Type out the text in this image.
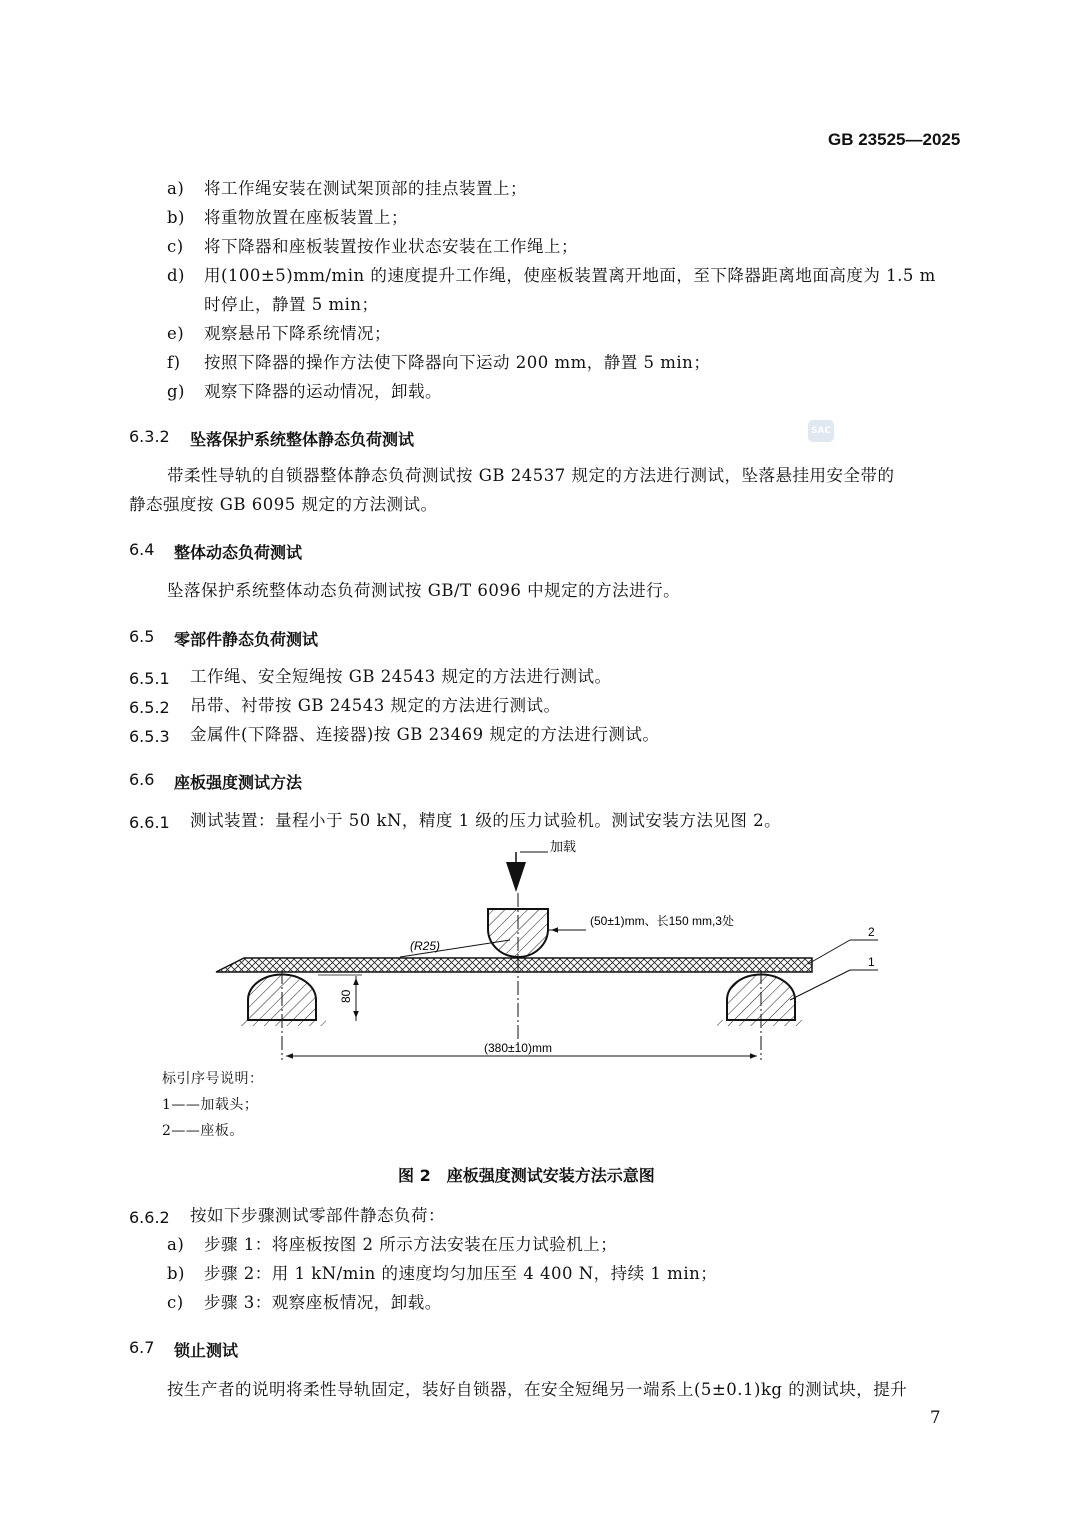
GB 23525—2025
a) 将工作绳安装在测试架顶部的挂点装置上；
b) 将重物放置在座板装置上；
c) 将下降器和座板装置按作业状态安装在工作绳上；
d) 用(100±5)mm/min 的速度提升工作绳，使座板装置离开地面，至下降器距离地面高度为 1.5 m
时停止，静置 5 min；
e) 观察悬吊下降系统情况；
f) 按照下降器的操作方法使下降器向下运动 200 mm，静置 5 min；
g) 观察下降器的运动情况，卸载。
6.3.2 坠落保护系统整体静态负荷测试	SAC
带柔性导轨的自锁器整体静态负荷测试按 GB 24537 规定的方法进行测试，坠落悬挂用安全带的
静态强度按 GB 6095 规定的方法测试。
6.4 整体动态负荷测试
坠落保护系统整体动态负荷测试按 GB/T 6096 中规定的方法进行。
6.5 零部件静态负荷测试
6.5.1 工作绳、安全短绳按 GB 24543 规定的方法进行测试。
6.5.2 吊带、衬带按 GB 24543 规定的方法进行测试。
6.5.3 金属件(下降器、连接器)按 GB 23469 规定的方法进行测试。
6.6 座板强度测试方法
6.6.1 测试装置：量程小于 50 kN，精度 1 级的压力试验机。测试安装方法见图 2。
加载
(50±1)mm、长150 mm,3处
(R25)
80
(380±10)mm
2
1
标引序号说明：
1——加载头；
2——座板。
图 2　座板强度测试安装方法示意图
6.6.2 按如下步骤测试零部件静态负荷：
a) 步骤 1：将座板按图 2 所示方法安装在压力试验机上；
b) 步骤 2：用 1 kN/min 的速度均匀加压至 4 400 N，持续 1 min；
c) 步骤 3：观察座板情况，卸载。
6.7 锁止测试
按生产者的说明将柔性导轨固定，装好自锁器，在安全短绳另一端系上(5±0.1)kg 的测试块，提升
7
